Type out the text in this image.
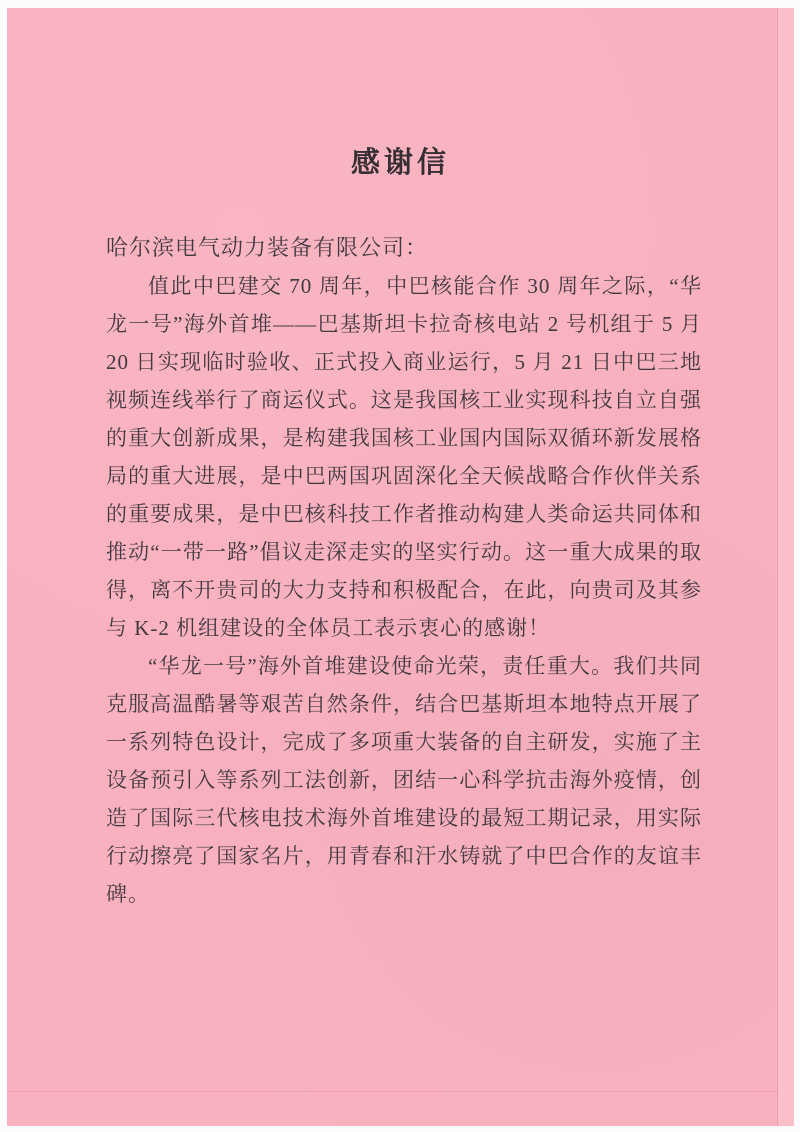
感谢信

哈尔滨电气动力装备有限公司：

值此中巴建交 70 周年，中巴核能合作 30 周年之际，“华龙一号”海外首堆——巴基斯坦卡拉奇核电站 2 号机组于 5 月 20 日实现临时验收、正式投入商业运行，5 月 21 日中巴三地视频连线举行了商运仪式。这是我国核工业实现科技自立自强的重大创新成果，是构建我国核工业国内国际双循环新发展格局的重大进展，是中巴两国巩固深化全天候战略合作伙伴关系的重要成果，是中巴核科技工作者推动构建人类命运共同体和推动“一带一路”倡议走深走实的坚实行动。这一重大成果的取得，离不开贵司的大力支持和积极配合，在此，向贵司及其参与 K-2 机组建设的全体员工表示衷心的感谢！

“华龙一号”海外首堆建设使命光荣，责任重大。我们共同克服高温酷暑等艰苦自然条件，结合巴基斯坦本地特点开展了一系列特色设计，完成了多项重大装备的自主研发，实施了主设备预引入等系列工法创新，团结一心科学抗击海外疫情，创造了国际三代核电技术海外首堆建设的最短工期记录，用实际行动擦亮了国家名片，用青春和汗水铸就了中巴合作的友谊丰碑。
